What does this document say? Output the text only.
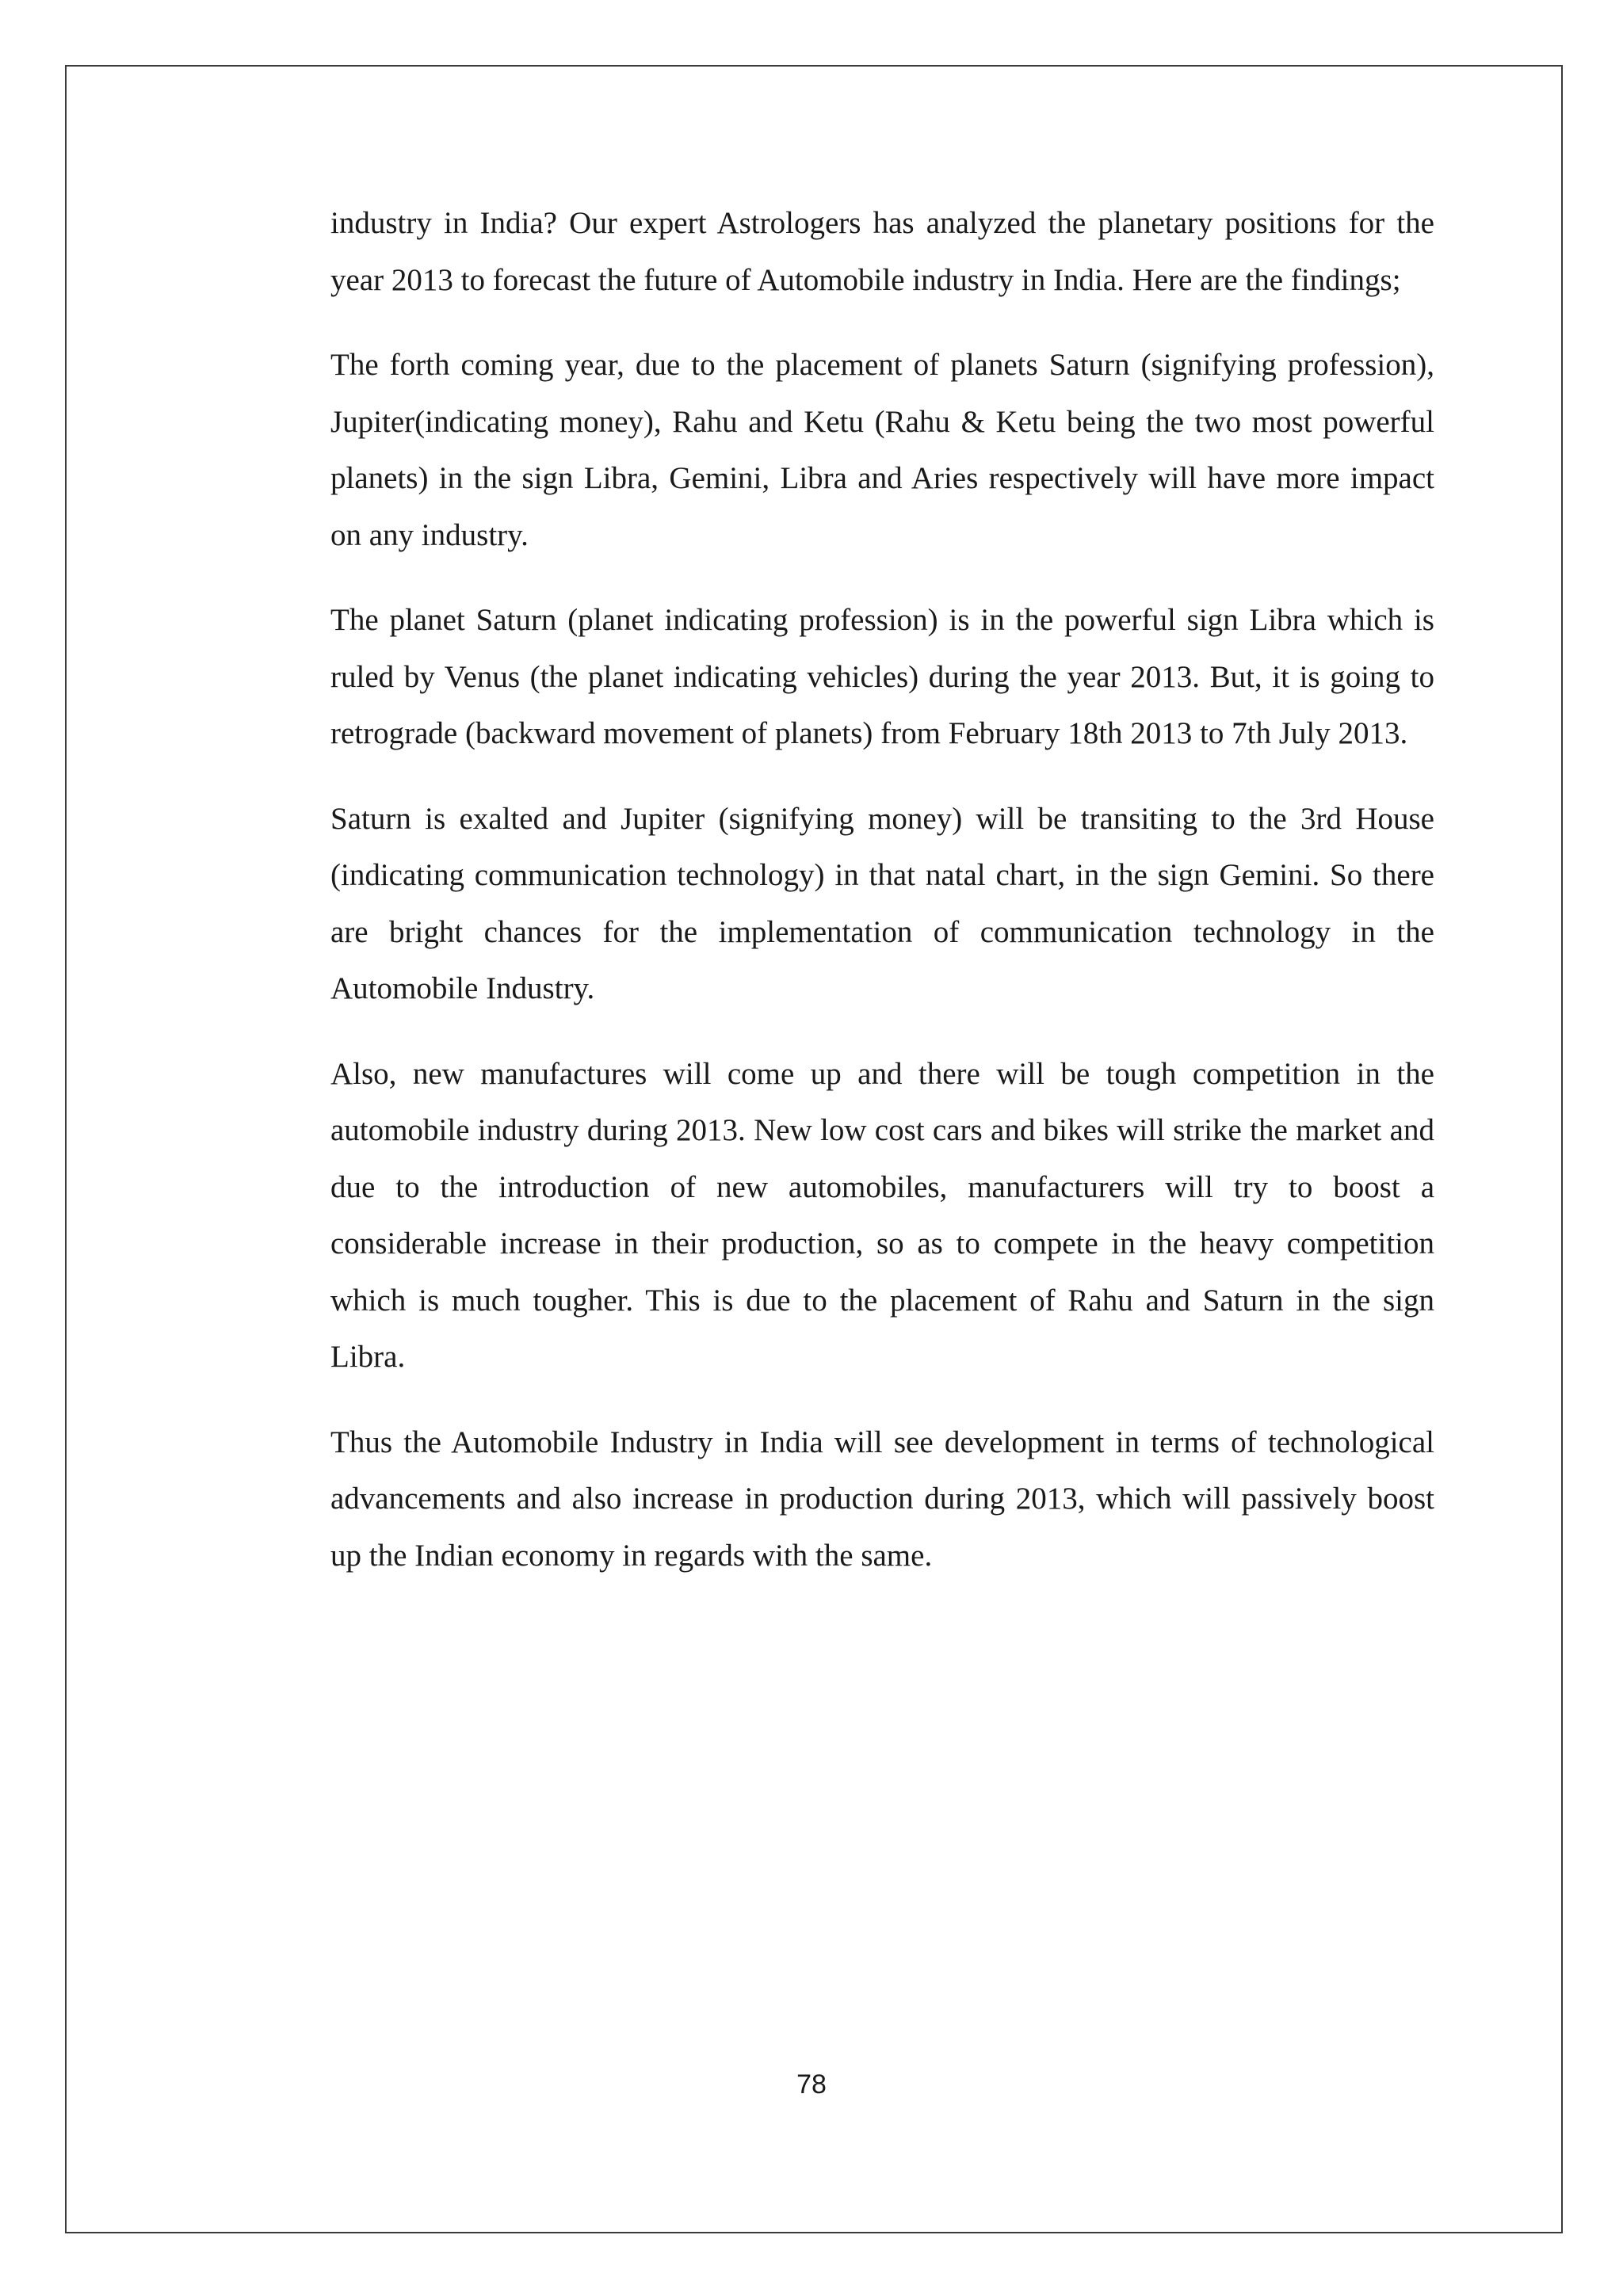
industry in India? Our expert Astrologers has analyzed the planetary positions for the year 2013 to forecast the future of Automobile industry in India. Here are the findings;

The forth coming year, due to the placement of planets Saturn (signifying profession), Jupiter(indicating money), Rahu and Ketu (Rahu & Ketu being the two most powerful planets) in the sign Libra, Gemini, Libra and Aries respectively will have more impact on any industry.

The planet Saturn (planet indicating profession) is in the powerful sign Libra which is ruled by Venus (the planet indicating vehicles) during the year 2013. But, it is going to retrograde (backward movement of planets) from February 18th 2013 to 7th July 2013.

Saturn is exalted and Jupiter (signifying money) will be transiting to the 3rd House (indicating communication technology) in that natal chart, in the sign Gemini. So there are bright chances for the implementation of communication technology in the Automobile Industry.

Also, new manufactures will come up and there will be tough competition in the automobile industry during 2013. New low cost cars and bikes will strike the market and due to the introduction of new automobiles, manufacturers will try to boost a considerable increase in their production, so as to compete in the heavy competition which is much tougher. This is due to the placement of Rahu and Saturn in the sign Libra.

Thus the Automobile Industry in India will see development in terms of technological advancements and also increase in production during 2013, which will passively boost up the Indian economy in regards with the same.

78
